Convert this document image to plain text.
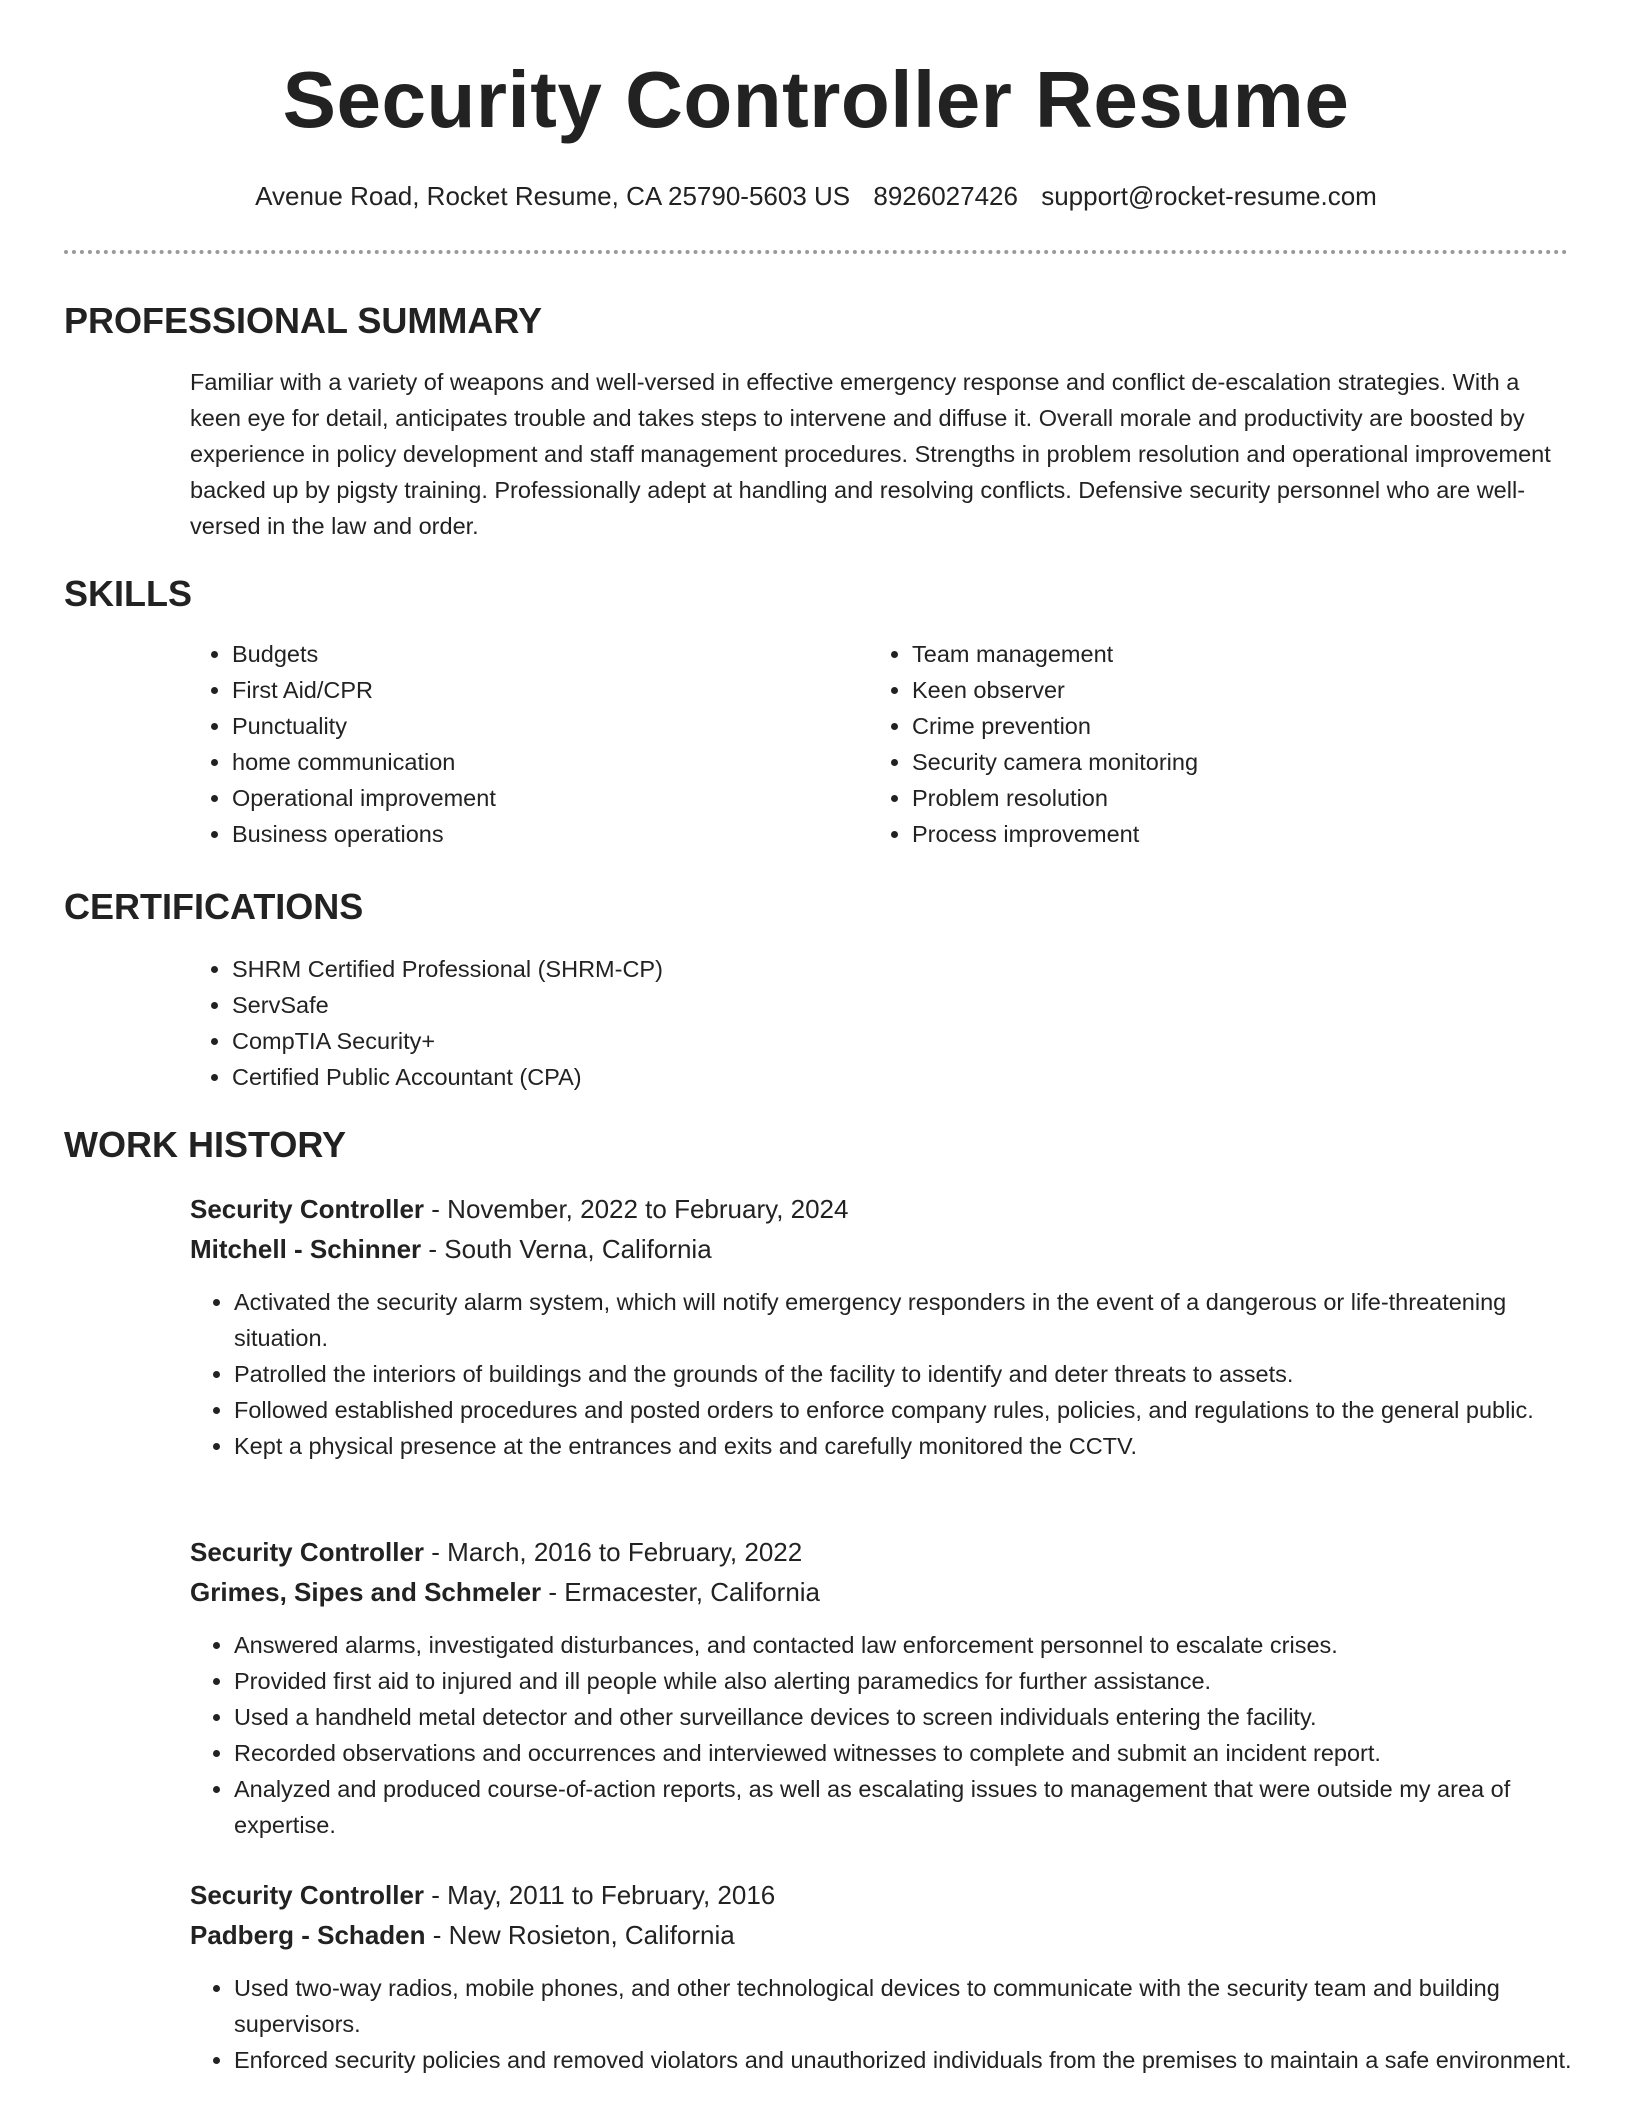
Security Controller Resume
Avenue Road, Rocket Resume, CA 25790-5603 US 8926027426 support@rocket-resume.com
PROFESSIONAL SUMMARY
Familiar with a variety of weapons and well-versed in effective emergency response and conflict de-escalation strategies. With a keen eye for detail, anticipates trouble and takes steps to intervene and diffuse it. Overall morale and productivity are boosted by experience in policy development and staff management procedures. Strengths in problem resolution and operational improvement backed up by pigsty training. Professionally adept at handling and resolving conflicts. Defensive security personnel who are well-versed in the law and order.
SKILLS
• Budgets
• First Aid/CPR
• Punctuality
• home communication
• Operational improvement
• Business operations
• Team management
• Keen observer
• Crime prevention
• Security camera monitoring
• Problem resolution
• Process improvement
CERTIFICATIONS
• SHRM Certified Professional (SHRM-CP)
• ServSafe
• CompTIA Security+
• Certified Public Accountant (CPA)
WORK HISTORY
Security Controller - November, 2022 to February, 2024
Mitchell - Schinner - South Verna, California
• Activated the security alarm system, which will notify emergency responders in the event of a dangerous or life-threatening situation.
• Patrolled the interiors of buildings and the grounds of the facility to identify and deter threats to assets.
• Followed established procedures and posted orders to enforce company rules, policies, and regulations to the general public.
• Kept a physical presence at the entrances and exits and carefully monitored the CCTV.
Security Controller - March, 2016 to February, 2022
Grimes, Sipes and Schmeler - Ermacester, California
• Answered alarms, investigated disturbances, and contacted law enforcement personnel to escalate crises.
• Provided first aid to injured and ill people while also alerting paramedics for further assistance.
• Used a handheld metal detector and other surveillance devices to screen individuals entering the facility.
• Recorded observations and occurrences and interviewed witnesses to complete and submit an incident report.
• Analyzed and produced course-of-action reports, as well as escalating issues to management that were outside my area of expertise.
Security Controller - May, 2011 to February, 2016
Padberg - Schaden - New Rosieton, California
• Used two-way radios, mobile phones, and other technological devices to communicate with the security team and building supervisors.
• Enforced security policies and removed violators and unauthorized individuals from the premises to maintain a safe environment.
